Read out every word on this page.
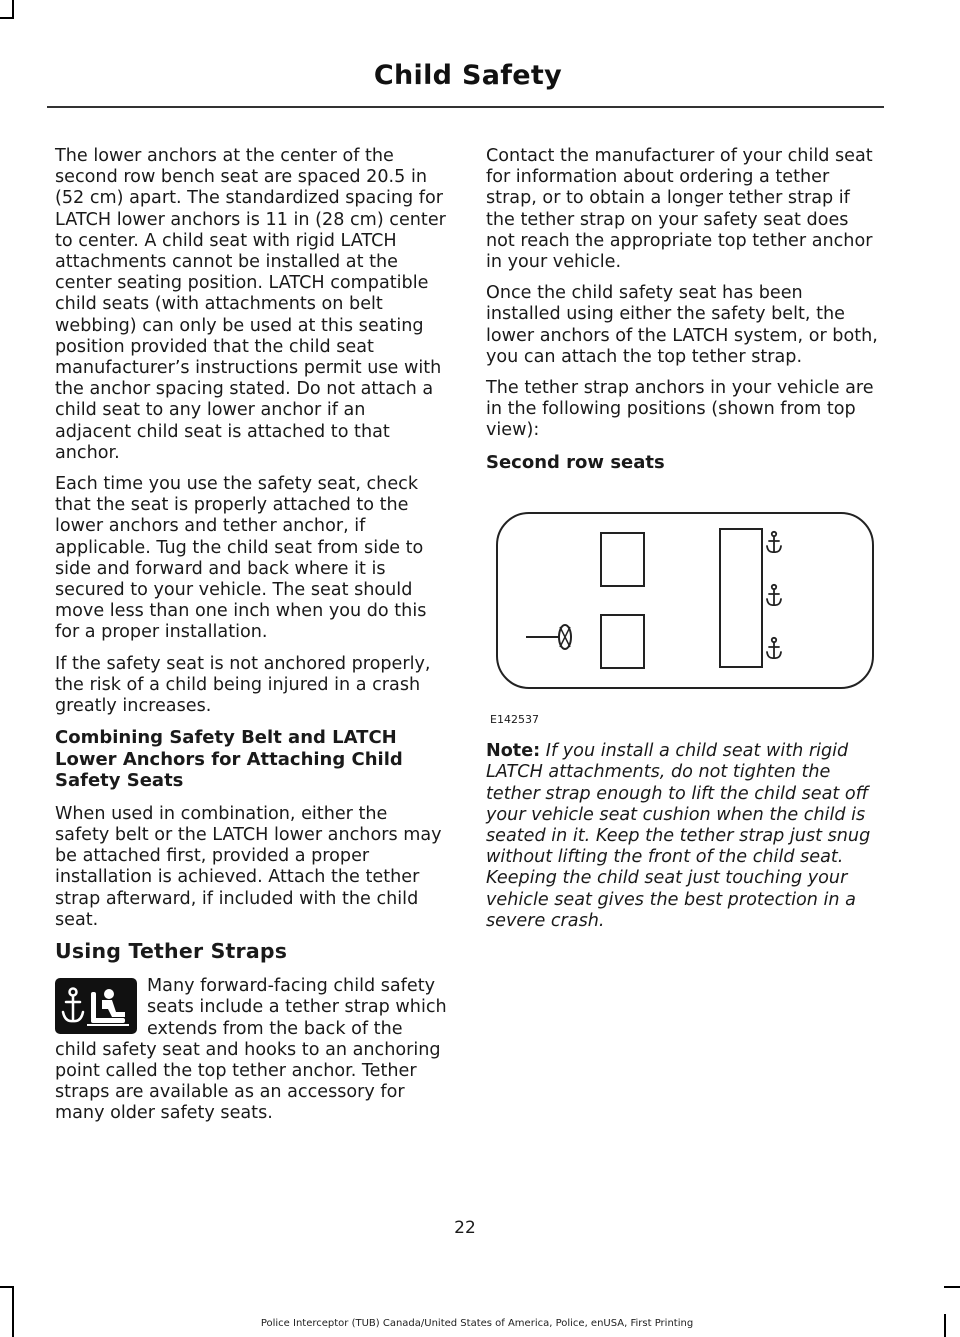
Child Safety

The lower anchors at the center of the second row bench seat are spaced 20.5 in (52 cm) apart. The standardized spacing for LATCH lower anchors is 11 in (28 cm) center to center. A child seat with rigid LATCH attachments cannot be installed at the center seating position. LATCH compatible child seats (with attachments on belt webbing) can only be used at this seating position provided that the child seat manufacturer’s instructions permit use with the anchor spacing stated. Do not attach a child seat to any lower anchor if an adjacent child seat is attached to that anchor.

Each time you use the safety seat, check that the seat is properly attached to the lower anchors and tether anchor, if applicable. Tug the child seat from side to side and forward and back where it is secured to your vehicle. The seat should move less than one inch when you do this for a proper installation.

If the safety seat is not anchored properly, the risk of a child being injured in a crash greatly increases.

Combining Safety Belt and LATCH Lower Anchors for Attaching Child Safety Seats

When used in combination, either the safety belt or the LATCH lower anchors may be attached first, provided a proper installation is achieved. Attach the tether strap afterward, if included with the child seat.

Using Tether Straps

Many forward-facing child safety seats include a tether strap which extends from the back of the child safety seat and hooks to an anchoring point called the top tether anchor. Tether straps are available as an accessory for many older safety seats.

Contact the manufacturer of your child seat for information about ordering a tether strap, or to obtain a longer tether strap if the tether strap on your safety seat does not reach the appropriate top tether anchor in your vehicle.

Once the child safety seat has been installed using either the safety belt, the lower anchors of the LATCH system, or both, you can attach the top tether strap.

The tether strap anchors in your vehicle are in the following positions (shown from top view):

Second row seats
E142537

Note: If you install a child seat with rigid LATCH attachments, do not tighten the tether strap enough to lift the child seat off your vehicle seat cushion when the child is seated in it. Keep the tether strap just snug without lifting the front of the child seat. Keeping the child seat just touching your vehicle seat gives the best protection in a severe crash.

22
Police Interceptor (TUB) Canada/United States of America, Police, enUSA, First Printing
